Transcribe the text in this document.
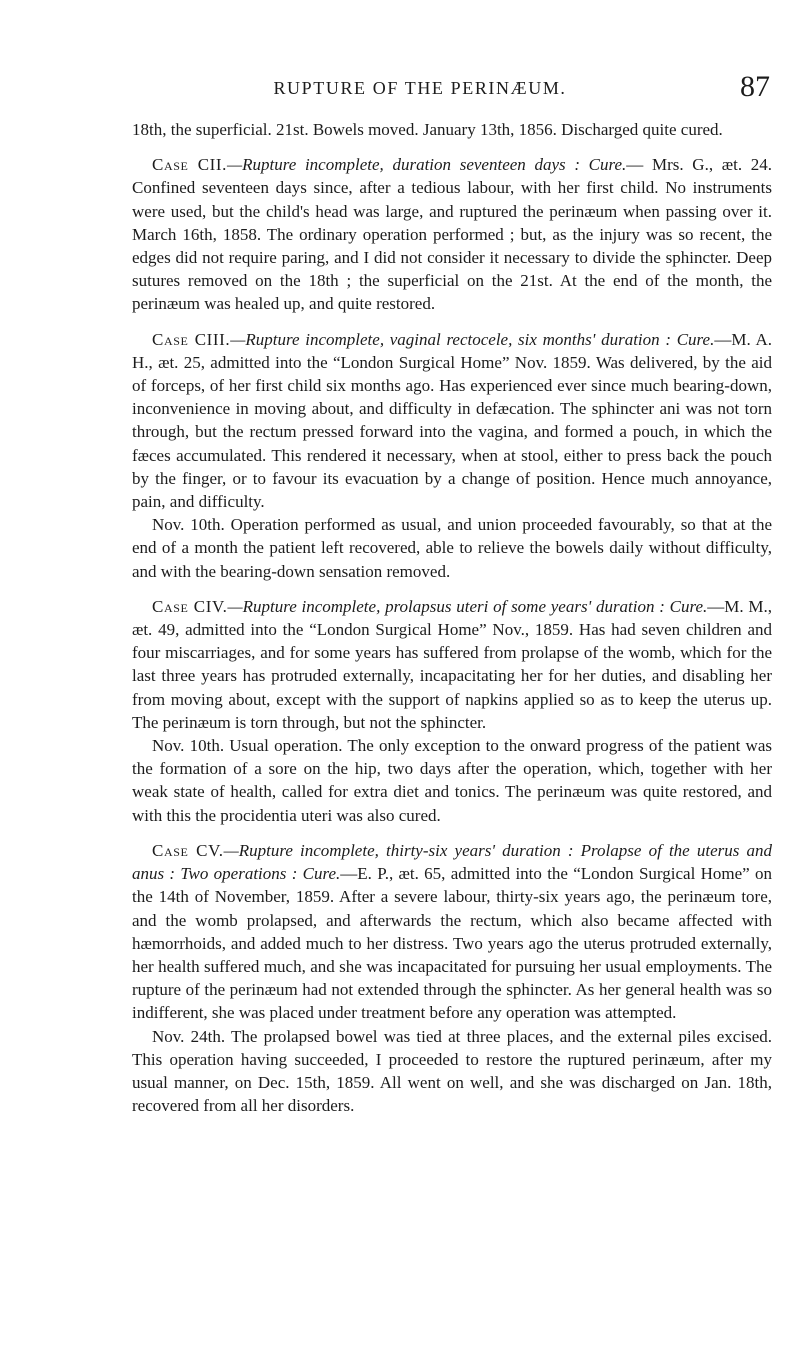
RUPTURE OF THE PERINÆUM.	87

18th, the superficial. 21st. Bowels moved. January 13th, 1856. Discharged quite cured.

Case CII.—Rupture incomplete, duration seventeen days : Cure.— Mrs. G., æt. 24. Confined seventeen days since, after a tedious labour, with her first child. No instruments were used, but the child's head was large, and ruptured the perinæum when passing over it. March 16th, 1858. The ordinary operation performed ; but, as the injury was so recent, the edges did not require paring, and I did not consider it necessary to divide the sphincter. Deep sutures removed on the 18th ; the superficial on the 21st. At the end of the month, the perinæum was healed up, and quite restored.

Case CIII.—Rupture incomplete, vaginal rectocele, six months' duration : Cure.—M. A. H., æt. 25, admitted into the “London Surgical Home” Nov. 1859. Was delivered, by the aid of forceps, of her first child six months ago. Has experienced ever since much bearing-down, inconvenience in moving about, and difficulty in defæcation. The sphincter ani was not torn through, but the rectum pressed forward into the vagina, and formed a pouch, in which the fæces accumulated. This rendered it necessary, when at stool, either to press back the pouch by the finger, or to favour its evacuation by a change of position. Hence much annoyance, pain, and difficulty.

Nov. 10th. Operation performed as usual, and union proceeded favourably, so that at the end of a month the patient left recovered, able to relieve the bowels daily without difficulty, and with the bearing-down sensation removed.

Case CIV.—Rupture incomplete, prolapsus uteri of some years' duration : Cure.—M. M., æt. 49, admitted into the “London Surgical Home” Nov., 1859. Has had seven children and four miscarriages, and for some years has suffered from prolapse of the womb, which for the last three years has protruded externally, incapacitating her for her duties, and disabling her from moving about, except with the support of napkins applied so as to keep the uterus up. The perinæum is torn through, but not the sphincter.

Nov. 10th. Usual operation. The only exception to the onward progress of the patient was the formation of a sore on the hip, two days after the operation, which, together with her weak state of health, called for extra diet and tonics. The perinæum was quite restored, and with this the procidentia uteri was also cured.

Case CV.—Rupture incomplete, thirty-six years' duration : Prolapse of the uterus and anus : Two operations : Cure.—E. P., æt. 65, admitted into the “London Surgical Home” on the 14th of November, 1859. After a severe labour, thirty-six years ago, the perinæum tore, and the womb prolapsed, and afterwards the rectum, which also became affected with hæmorrhoids, and added much to her distress. Two years ago the uterus protruded externally, her health suffered much, and she was incapacitated for pursuing her usual employments. The rupture of the perinæum had not extended through the sphincter. As her general health was so indifferent, she was placed under treatment before any operation was attempted.

Nov. 24th. The prolapsed bowel was tied at three places, and the external piles excised. This operation having succeeded, I proceeded to restore the ruptured perinæum, after my usual manner, on Dec. 15th, 1859. All went on well, and she was discharged on Jan. 18th, recovered from all her disorders.
